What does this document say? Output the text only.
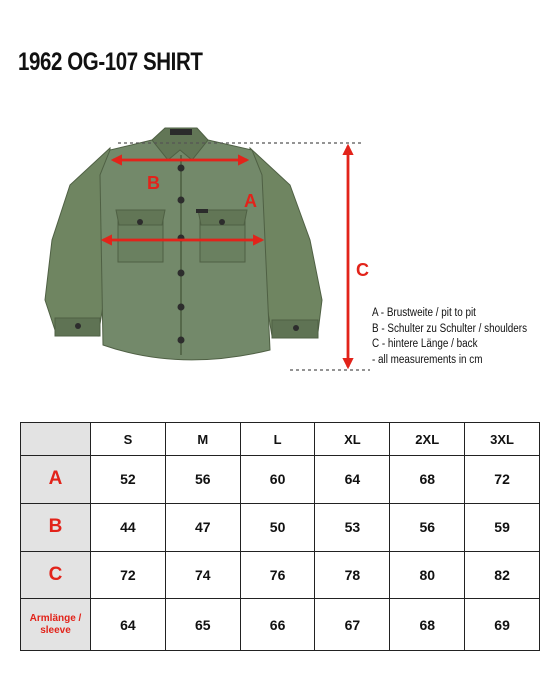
1962 OG-107 SHIRT
B
A
C
A - Brustweite / pit to pit
B - Schulter zu Schulter / shoulders
C - hintere Länge / back
- all measurements in cm
	S	M	L	XL	2XL	3XL
A	52	56	60	64	68	72
B	44	47	50	53	56	59
C	72	74	76	78	80	82
Armlänge / sleeve	64	65	66	67	68	69
